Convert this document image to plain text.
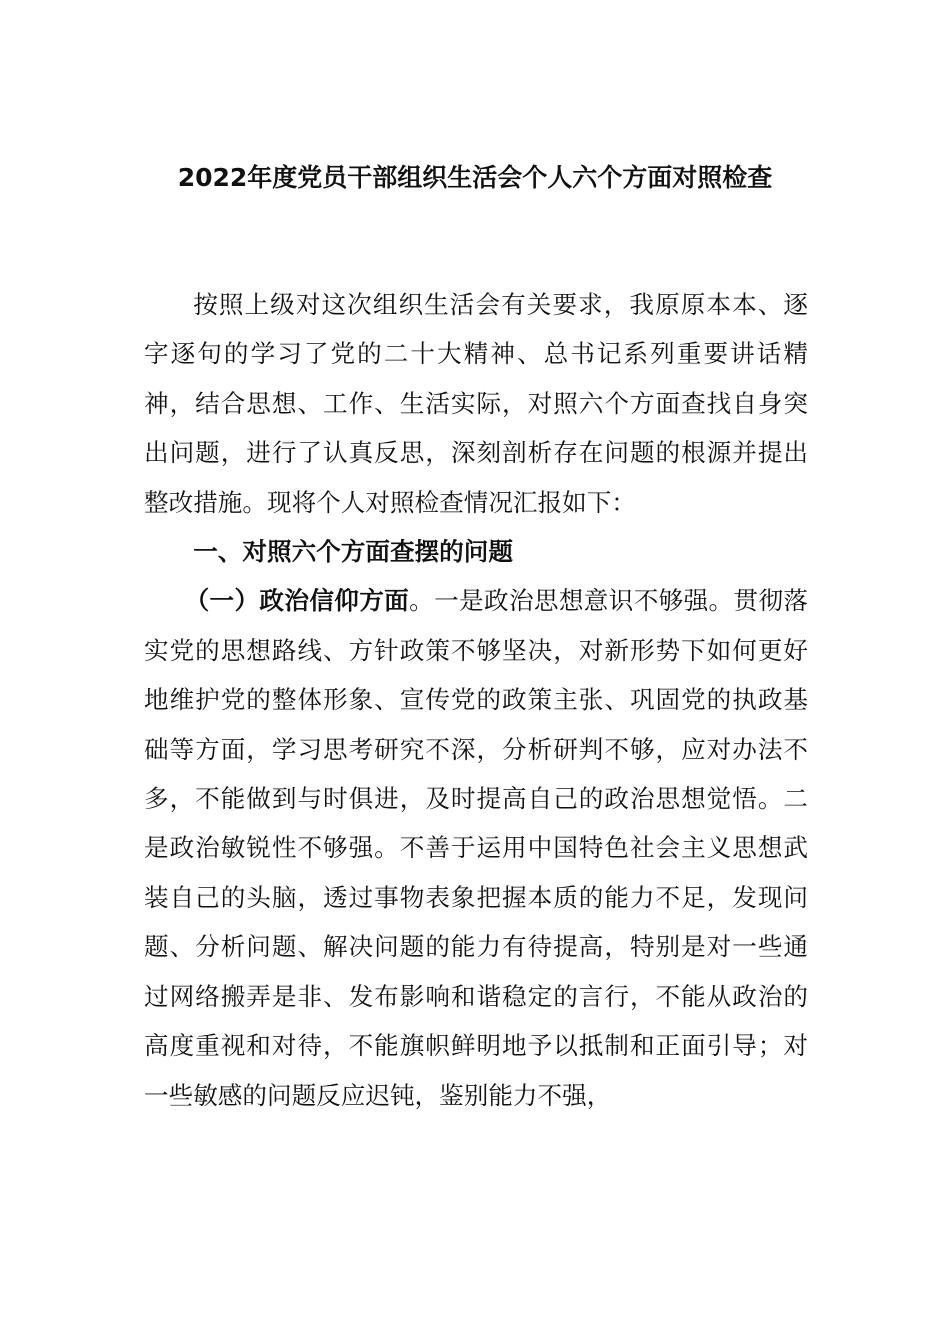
2022年度党员干部组织生活会个人六个方面对照检查

按照上级对这次组织生活会有关要求，我原原本本、逐字逐句的学习了党的二十大精神、总书记系列重要讲话精神，结合思想、工作、生活实际，对照六个方面查找自身突出问题，进行了认真反思，深刻剖析存在问题的根源并提出整改措施。现将个人对照检查情况汇报如下：

一、对照六个方面查摆的问题

（一）政治信仰方面。一是政治思想意识不够强。贯彻落实党的思想路线、方针政策不够坚决，对新形势下如何更好地维护党的整体形象、宣传党的政策主张、巩固党的执政基础等方面，学习思考研究不深，分析研判不够，应对办法不多，不能做到与时俱进，及时提高自己的政治思想觉悟。二是政治敏锐性不够强。不善于运用中国特色社会主义思想武装自己的头脑，透过事物表象把握本质的能力不足，发现问题、分析问题、解决问题的能力有待提高，特别是对一些通过网络搬弄是非、发布影响和谐稳定的言行，不能从政治的高度重视和对待，不能旗帜鲜明地予以抵制和正面引导；对一些敏感的问题反应迟钝，鉴别能力不强，
